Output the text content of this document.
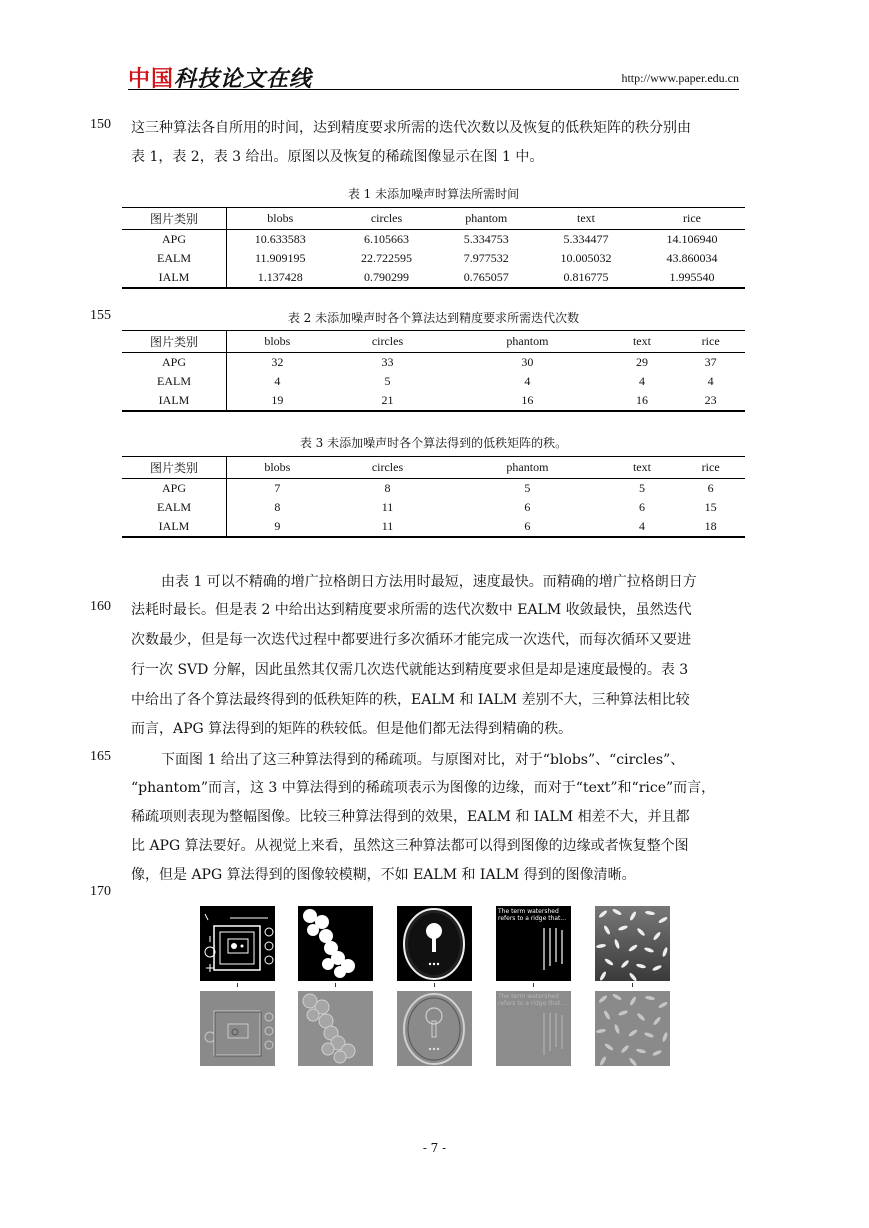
中国科技论文在线	http://www.paper.edu.cn
150
155
160
165
170
这三种算法各自所用的时间，达到精度要求所需的迭代次数以及恢复的低秩矩阵的秩分别由
表 1，表 2，表 3 给出。原图以及恢复的稀疏图像显示在图 1 中。
表 1 未添加噪声时算法所需时间
图片类别	blobs	circles	phantom	text	rice
APG	10.633583	6.105663	5.334753	5.334477	14.106940
EALM	11.909195	22.722595	7.977532	10.005032	43.860034
IALM	1.137428	0.790299	0.765057	0.816775	1.995540
表 2 未添加噪声时各个算法达到精度要求所需迭代次数
图片类别	blobs	circles	phantom	text	rice
APG	32	33	30	29	37
EALM	4	5	4	4	4
IALM	19	21	16	16	23
表 3 未添加噪声时各个算法得到的低秩矩阵的秩。
图片类别	blobs	circles	phantom	text	rice
APG	7	8	5	5	6
EALM	8	11	6	6	15
IALM	9	11	6	4	18
由表 1 可以不精确的增广拉格朗日方法用时最短，速度最快。而精确的增广拉格朗日方
法耗时最长。但是表 2 中给出达到精度要求所需的迭代次数中 EALM 收敛最快，虽然迭代
次数最少，但是每一次迭代过程中都要进行多次循环才能完成一次迭代，而每次循环又要进
行一次 SVD 分解，因此虽然其仅需几次迭代就能达到精度要求但是却是速度最慢的。表 3
中给出了各个算法最终得到的低秩矩阵的秩，EALM 和 IALM 差别不大，三种算法相比较
而言，APG 算法得到的矩阵的秩较低。但是他们都无法得到精确的秩。
下面图 1 给出了这三种算法得到的稀疏项。与原图对比，对于“blobs”、“circles”、
“phantom”而言，这 3 中算法得到的稀疏项表示为图像的边缘，而对于“text”和“rice”而言，
稀疏项则表现为整幅图像。比较三种算法得到的效果，EALM 和 IALM 相差不大，并且都
比 APG 算法要好。从视觉上来看，虽然这三种算法都可以得到图像的边缘或者恢复整个图
像，但是 APG 算法得到的图像较模糊，不如 EALM 和 IALM 得到的图像清晰。
The term watershed
refers to a ridge that...
The term watershed
refers to a ridge that...
- 7 -
